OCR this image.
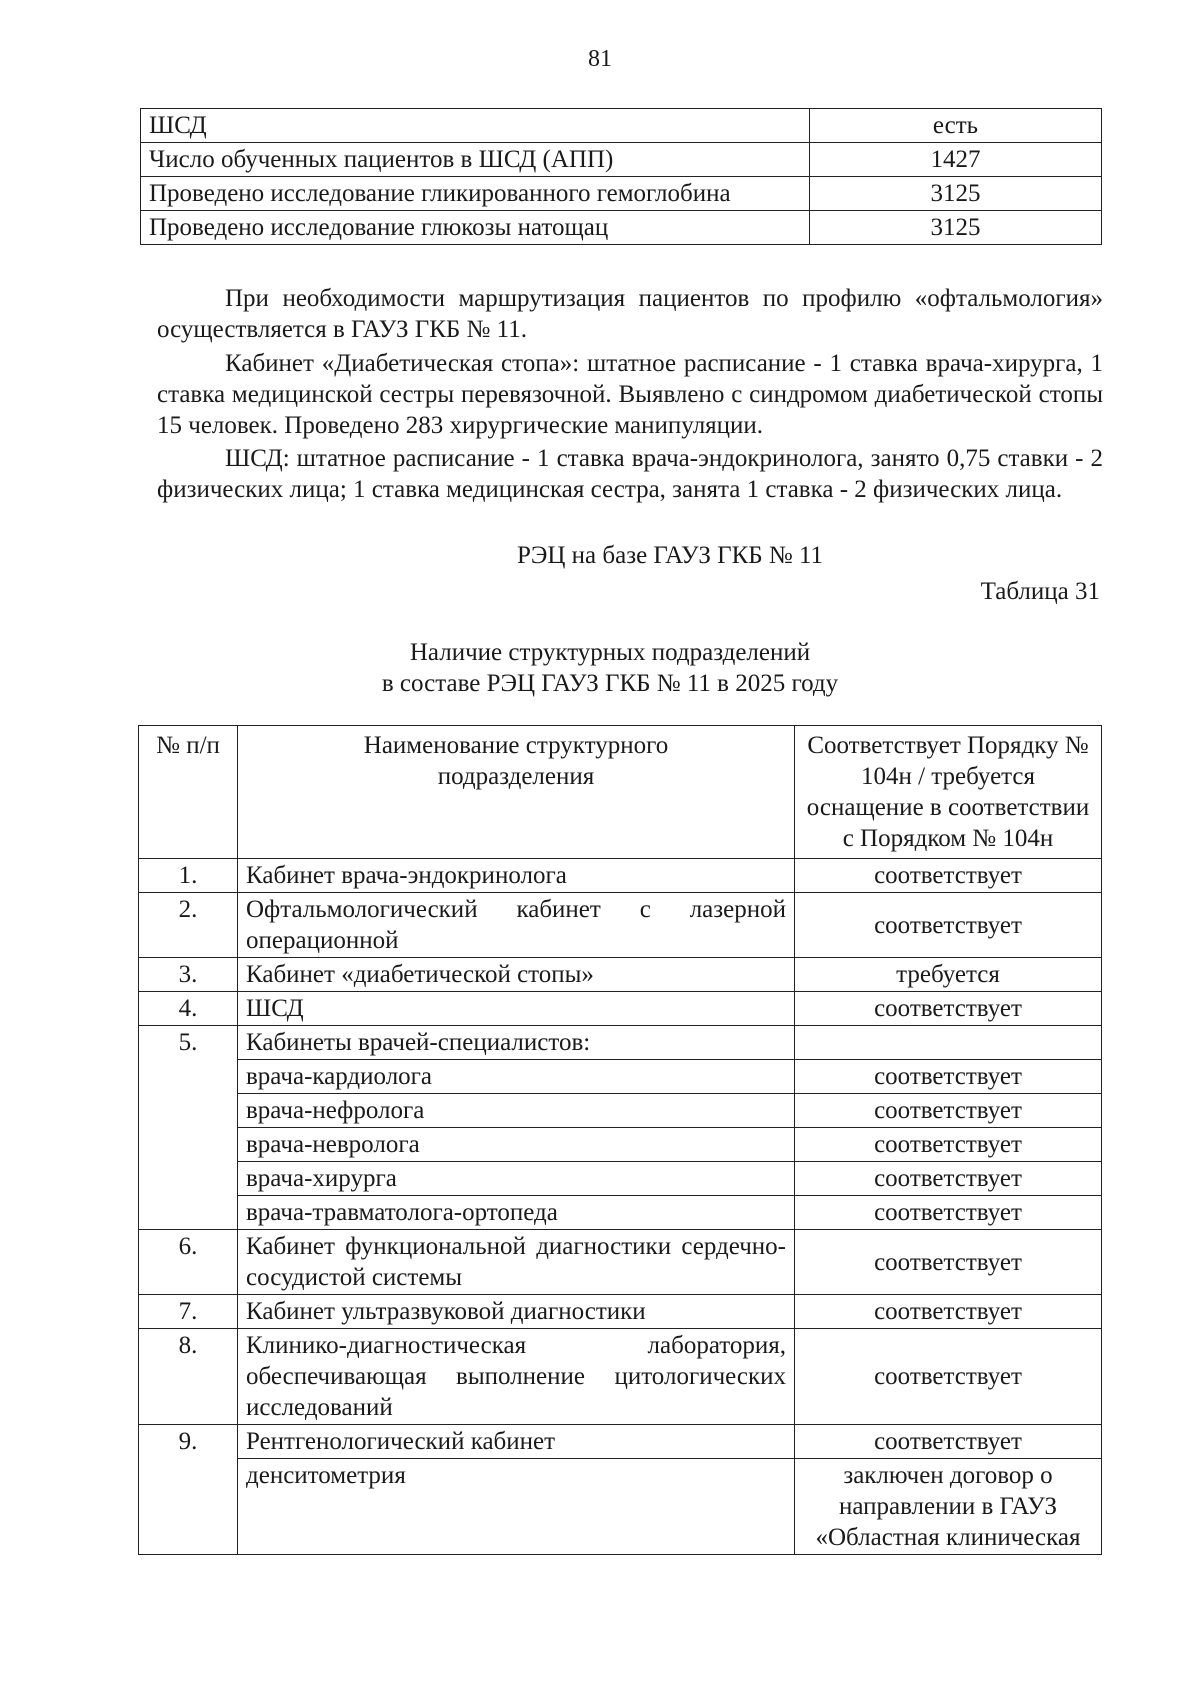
81
ШСД	есть
Число обученных пациентов в ШСД (АПП)	1427
Проведено исследование гликированного гемоглобина	3125
Проведено исследование глюкозы натощац	3125
При необходимости маршрутизация пациентов по профилю «офтальмология» осуществляется в ГАУЗ ГКБ № 11.
Кабинет «Диабетическая стопа»: штатное расписание - 1 ставка врача-хирурга, 1 ставка медицинской сестры перевязочной. Выявлено с синдромом диабетической стопы 15 человек. Проведено 283 хирургические манипуляции.
ШСД: штатное расписание - 1 ставка врача-эндокринолога, занято 0,75 ставки - 2 физических лица; 1 ставка медицинская сестра, занята 1 ставка - 2 физических лица.
РЭЦ на базе ГАУЗ ГКБ № 11
Таблица 31
Наличие структурных подразделений
в составе РЭЦ ГАУЗ ГКБ № 11 в 2025 году
№ п/п	Наименование структурного подразделения	Соответствует Порядку № 104н / требуется оснащение в соответствии с Порядком № 104н
1.	Кабинет врача-эндокринолога	соответствует
2.	Офтальмологический кабинет с лазерной операционной	соответствует
3.	Кабинет «диабетической стопы»	требуется
4.	ШСД	соответствует
5.	Кабинеты врачей-специалистов:	
	врача-кардиолога	соответствует
	врача-нефролога	соответствует
	врача-невролога	соответствует
	врача-хирурга	соответствует
	врача-травматолога-ортопеда	соответствует
6.	Кабинет функциональной диагностики сердечно-сосудистой системы	соответствует
7.	Кабинет ультразвуковой диагностики	соответствует
8.	Клинико-диагностическая лаборатория, обеспечивающая выполнение цитологических исследований	соответствует
9.	Рентгенологический кабинет	соответствует
	денситометрия	заключен договор о направлении в ГАУЗ «Областная клиническая
